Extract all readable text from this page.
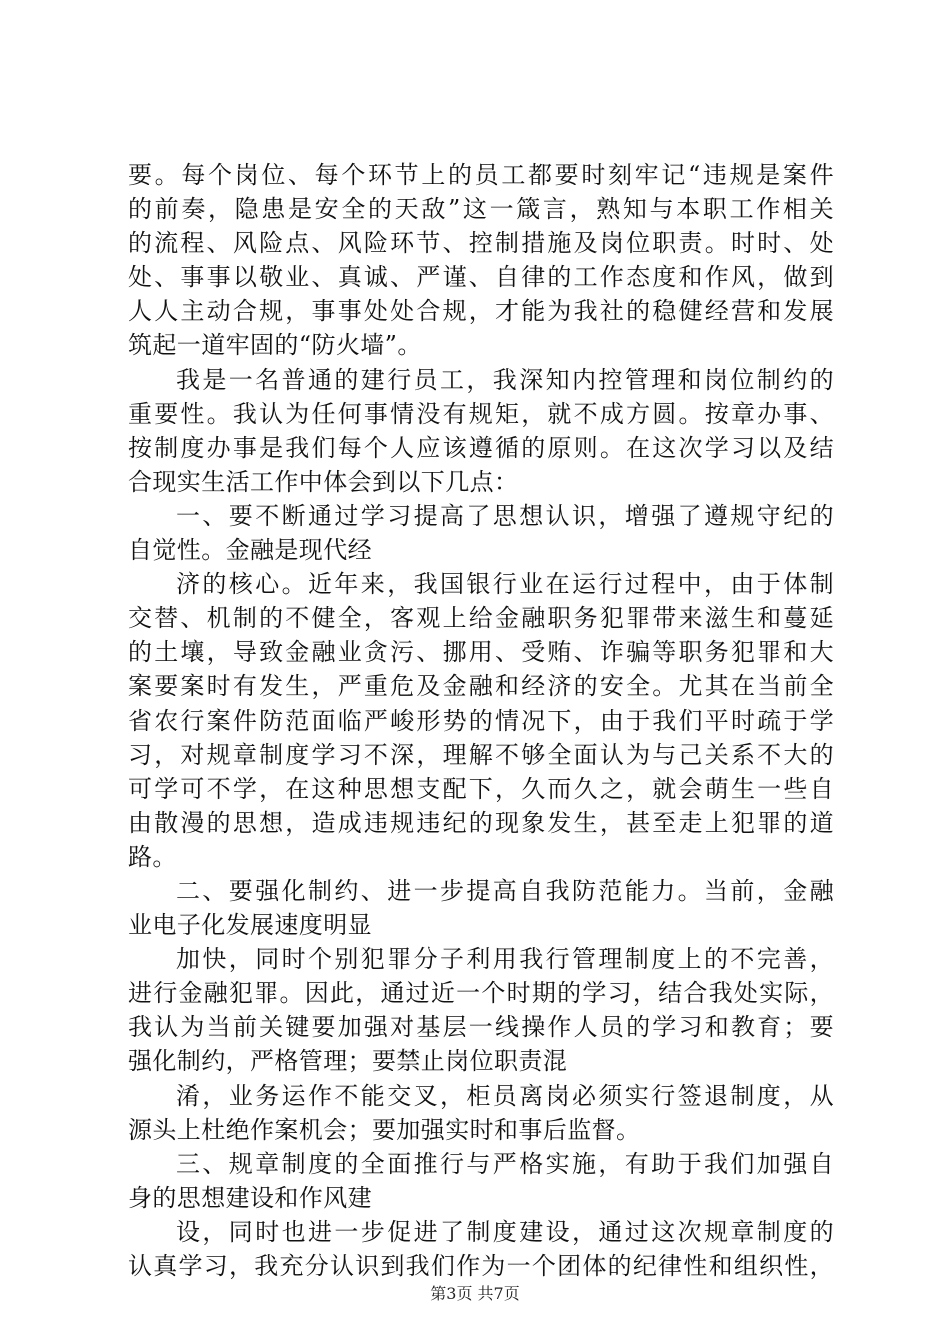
要。每个岗位、每个环节上的员工都要时刻牢记“违规是案件
的前奏，隐患是安全的天敌”这一箴言，熟知与本职工作相关
的流程、风险点、风险环节、控制措施及岗位职责。时时、处
处、事事以敬业、真诚、严谨、自律的工作态度和作风，做到
人人主动合规，事事处处合规，才能为我社的稳健经营和发展
筑起一道牢固的“防火墙”。
我是一名普通的建行员工，我深知内控管理和岗位制约的
重要性。我认为任何事情没有规矩，就不成方圆。按章办事、
按制度办事是我们每个人应该遵循的原则。在这次学习以及结
合现实生活工作中体会到以下几点：
一、要不断通过学习提高了思想认识，增强了遵规守纪的
自觉性。金融是现代经
济的核心。近年来，我国银行业在运行过程中，由于体制
交替、机制的不健全，客观上给金融职务犯罪带来滋生和蔓延
的土壤，导致金融业贪污、挪用、受贿、诈骗等职务犯罪和大
案要案时有发生，严重危及金融和经济的安全。尤其在当前全
省农行案件防范面临严峻形势的情况下，由于我们平时疏于学
习，对规章制度学习不深，理解不够全面认为与己关系不大的
可学可不学，在这种思想支配下，久而久之，就会萌生一些自
由散漫的思想，造成违规违纪的现象发生，甚至走上犯罪的道
路。
二、要强化制约、进一步提高自我防范能力。当前，金融
业电子化发展速度明显
加快，同时个别犯罪分子利用我行管理制度上的不完善，
进行金融犯罪。因此，通过近一个时期的学习，结合我处实际，
我认为当前关键要加强对基层一线操作人员的学习和教育；要
强化制约，严格管理；要禁止岗位职责混
淆，业务运作不能交叉，柜员离岗必须实行签退制度，从
源头上杜绝作案机会；要加强实时和事后监督。
三、规章制度的全面推行与严格实施，有助于我们加强自
身的思想建设和作风建
设，同时也进一步促进了制度建设，通过这次规章制度的
认真学习，我充分认识到我们作为一个团体的纪律性和组织性，
第3页 共7页
